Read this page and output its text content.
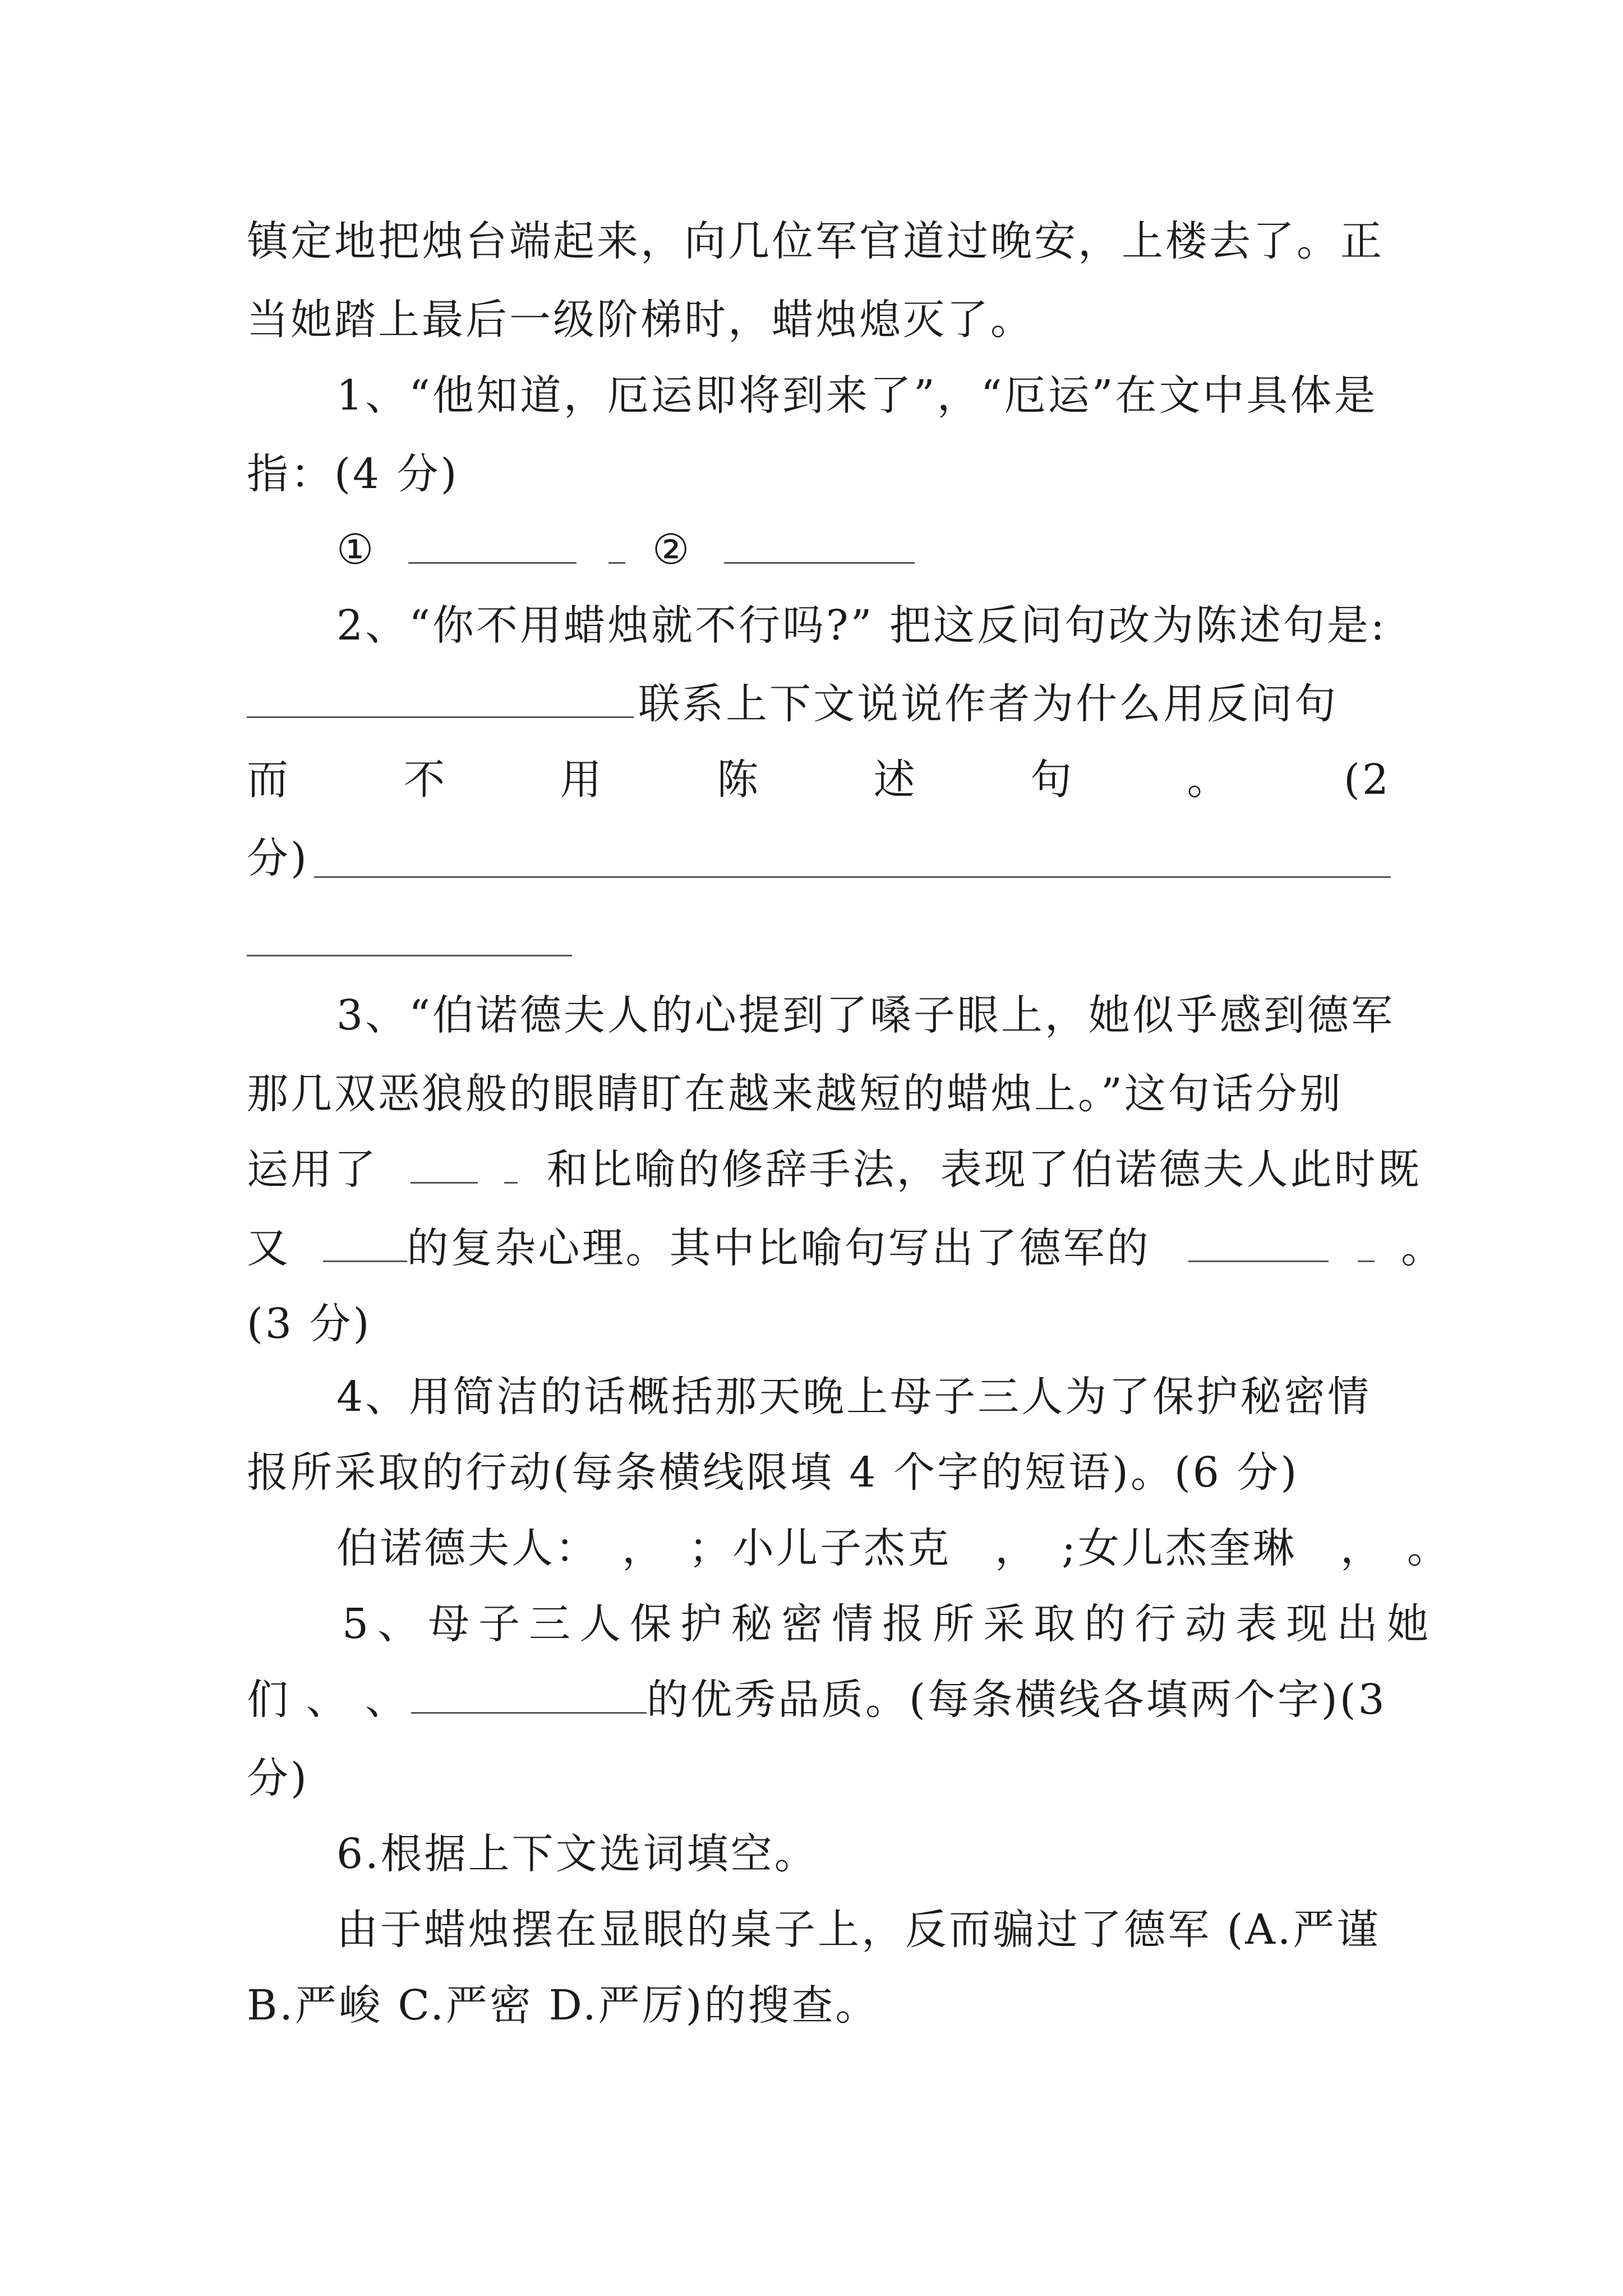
镇定地把烛台端起来，向几位军官道过晚安，上楼去了。正
当她踏上最后一级阶梯时，蜡烛熄灭了。
1、“他知道，厄运即将到来了”，“厄运”在文中具体是
指：(4 分)
①	②
2、“你不用蜡烛就不行吗?” 把这反问句改为陈述句是:
联系上下文说说作者为什么用反问句
而	不	用	陈	述	句	。	(2
分)
3、“伯诺德夫人的心提到了嗓子眼上，她似乎感到德军
那几双恶狼般的眼睛盯在越来越短的蜡烛上。”这句话分别
运用了	和比喻的修辞手法，表现了伯诺德夫人此时既
又	的复杂心理。其中比喻句写出了德军的	。
(3 分)
4、用简洁的话概括那天晚上母子三人为了保护秘密情
报所采取的行动(每条横线限填 4 个字的短语)。(6 分)
伯诺德夫人：　，　；小儿子杰克　，　;女儿杰奎琳　，　。
5、母子三人保护秘密情报所采取的行动表现出她
们 、 、	的优秀品质。(每条横线各填两个字)(3
分)
6.根据上下文选词填空。
由于蜡烛摆在显眼的桌子上，反而骗过了德军 (A.严谨
B.严峻 C.严密 D.严厉)的搜查。
